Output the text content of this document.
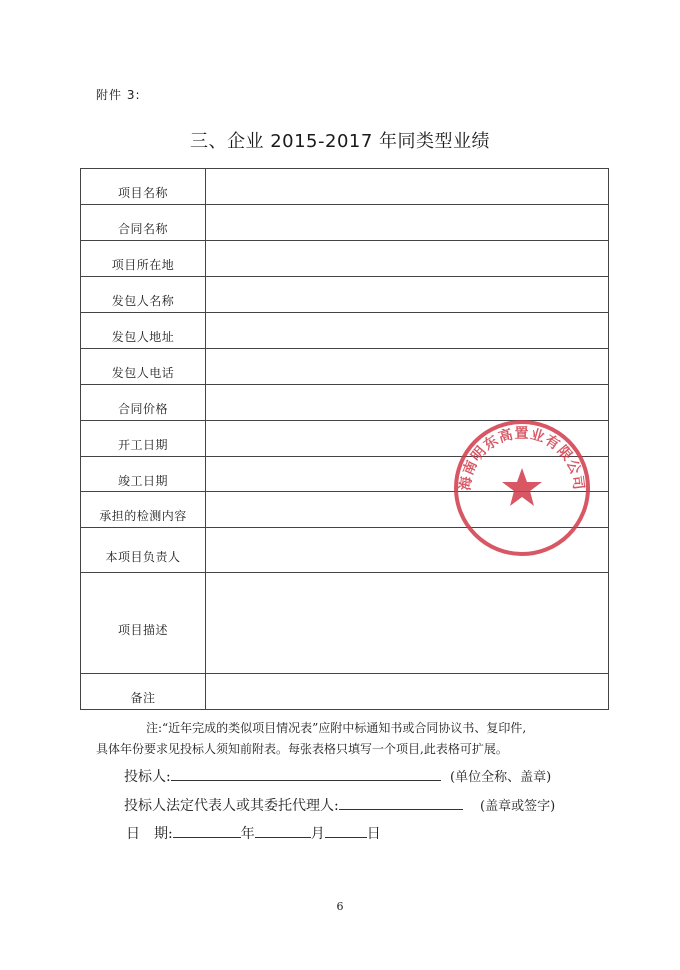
附件 3:
三、企业 2015-2017 年同类型业绩
项目名称	
合同名称	
项目所在地	
发包人名称	
发包人地址	
发包人电话	
合同价格	
开工日期	
竣工日期	
承担的检测内容	
本项目负责人	
项目描述	
备注	
注:“近年完成的类似项目情况表”应附中标通知书或合同协议书、复印件,
具体年份要求见投标人须知前附表。每张表格只填写一个项目,此表格可扩展。
投标人:	(单位全称、盖章)
投标人法定代表人或其委托代理人:	(盖章或签字)
日　期:	年	月	日
海南明东高置业有限公司
6
